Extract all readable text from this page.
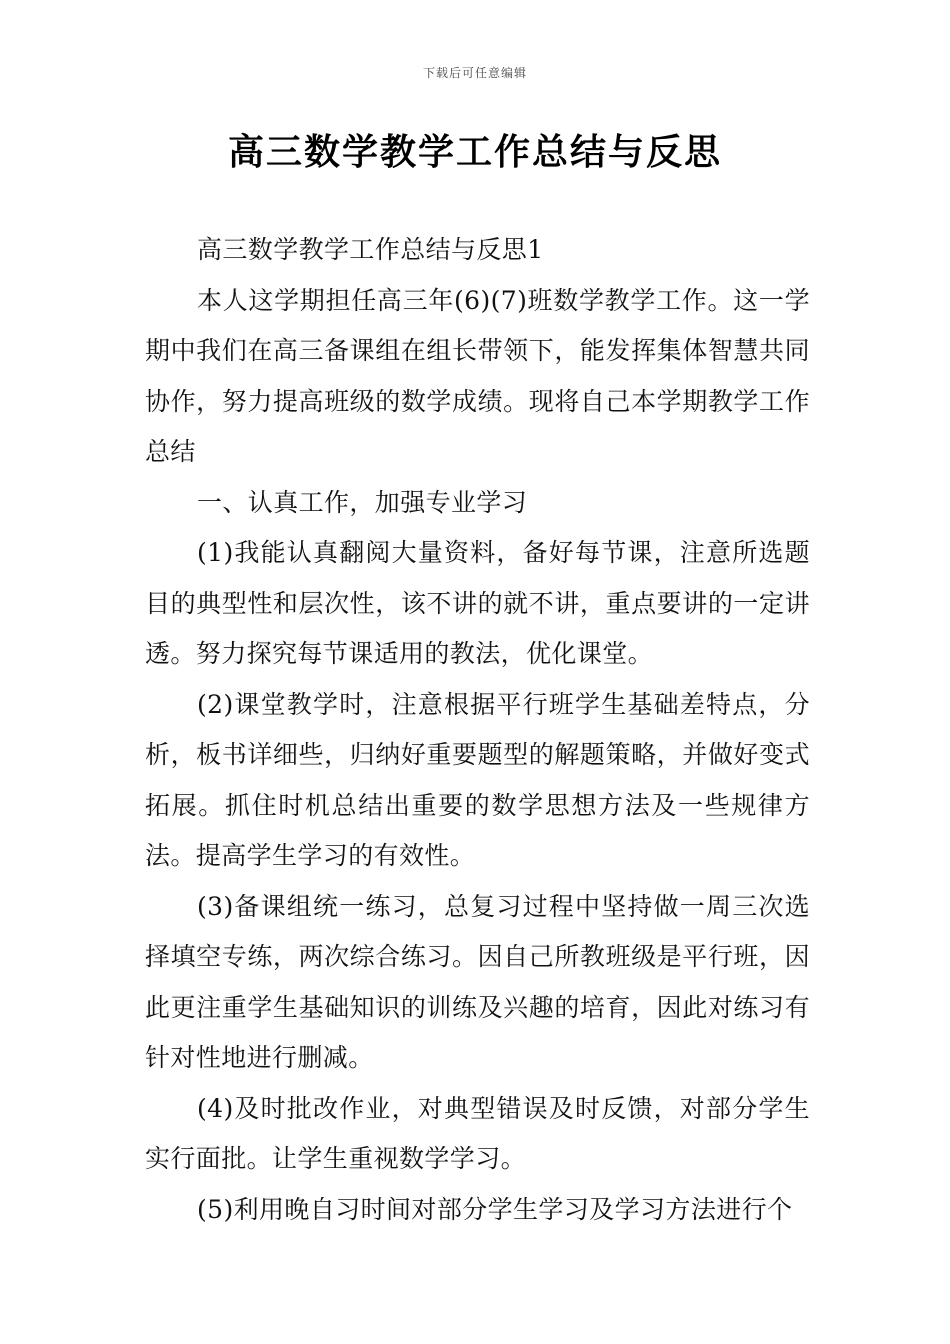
下载后可任意编辑
高三数学教学工作总结与反思

高三数学教学工作总结与反思1

本人这学期担任高三年(6)(7)班数学教学工作。这一学期中我们在高三备课组在组长带领下，能发挥集体智慧共同协作，努力提高班级的数学成绩。现将自己本学期教学工作总结

一、认真工作，加强专业学习

(1)我能认真翻阅大量资料，备好每节课，注意所选题目的典型性和层次性，该不讲的就不讲，重点要讲的一定讲透。努力探究每节课适用的教法，优化课堂。

(2)课堂教学时，注意根据平行班学生基础差特点，分析，板书详细些，归纳好重要题型的解题策略，并做好变式拓展。抓住时机总结出重要的数学思想方法及一些规律方法。提高学生学习的有效性。

(3)备课组统一练习，总复习过程中坚持做一周三次选择填空专练，两次综合练习。因自己所教班级是平行班，因此更注重学生基础知识的训练及兴趣的培育，因此对练习有针对性地进行删减。

(4)及时批改作业，对典型错误及时反馈，对部分学生实行面批。让学生重视数学学习。

(5)利用晚自习时间对部分学生学习及学习方法进行个
